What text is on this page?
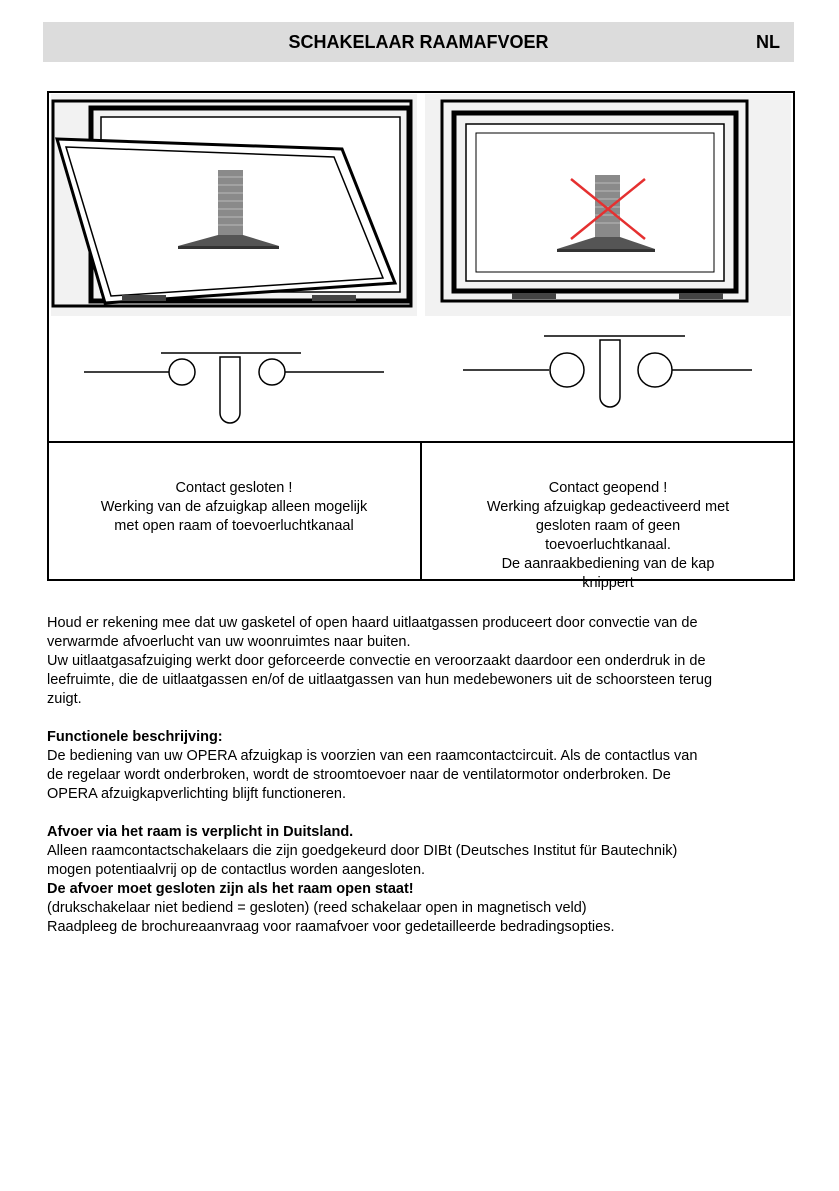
SCHAKELAAR RAAMAFVOER	NL
Contact gesloten !
Werking van de afzuigkap alleen mogelijk
met open raam of toevoerluchtkanaal
Contact geopend !
Werking afzuigkap gedeactiveerd met
gesloten raam of geen
toevoerluchtkanaal.
De aanraakbediening van de kap
knippert

Houd er rekening mee dat uw gasketel of open haard uitlaatgassen produceert door convectie van de

verwarmde afvoerlucht van uw woonruimtes naar buiten.

Uw uitlaatgasafzuiging werkt door geforceerde convectie en veroorzaakt daardoor een onderdruk in de

leefruimte, die de uitlaatgassen en/of de uitlaatgassen van hun medebewoners uit de schoorsteen terug

zuigt.

Functionele beschrijving:

De bediening van uw OPERA afzuigkap is voorzien van een raamcontactcircuit. Als de contactlus van

de regelaar wordt onderbroken, wordt de stroomtoevoer naar de ventilatormotor onderbroken. De

OPERA afzuigkapverlichting blijft functioneren.

Afvoer via het raam is verplicht in Duitsland.

Alleen raamcontactschakelaars die zijn goedgekeurd door DIBt (Deutsches Institut für Bautechnik)

mogen potentiaalvrij op de contactlus worden aangesloten.

De afvoer moet gesloten zijn als het raam open staat!

(drukschakelaar niet bediend = gesloten) (reed schakelaar open in magnetisch veld)

Raadpleeg de brochureaanvraag voor raamafvoer voor gedetailleerde bedradingsopties.
